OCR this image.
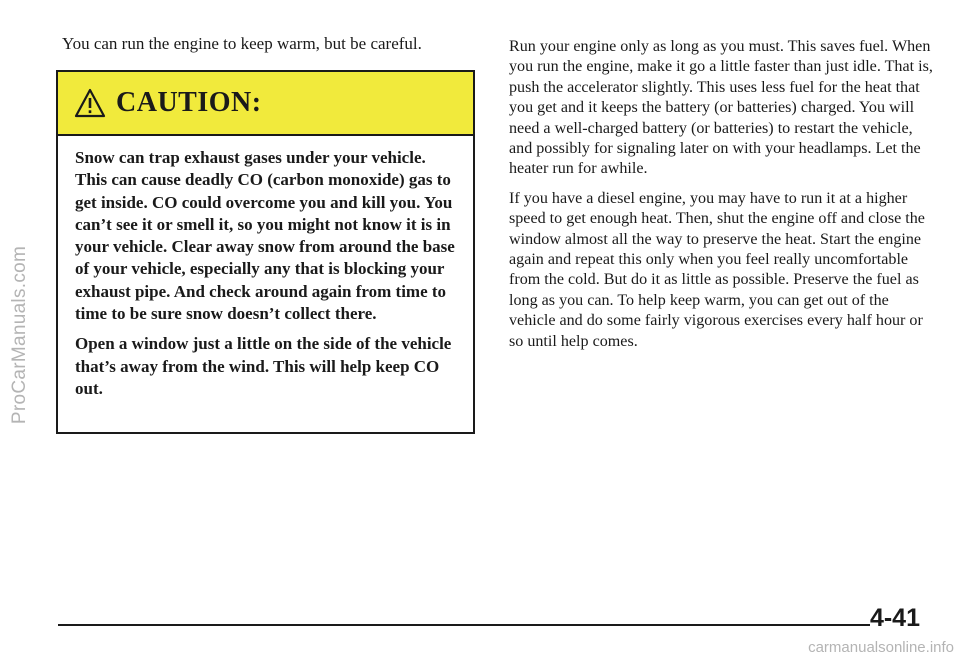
ProCarManuals.com

You can run the engine to keep warm, but be careful.

CAUTION:

Snow can trap exhaust gases under your vehicle. This can cause deadly CO (carbon monoxide) gas to get inside. CO could overcome you and kill you. You can’t see it or smell it, so you might not know it is in your vehicle. Clear away snow from around the base of your vehicle, especially any that is blocking your exhaust pipe. And check around again from time to time to be sure snow doesn’t collect there.

Open a window just a little on the side of the vehicle that’s away from the wind. This will help keep CO out.

Run your engine only as long as you must. This saves fuel. When you run the engine, make it go a little faster than just idle. That is, push the accelerator slightly. This uses less fuel for the heat that you get and it keeps the battery (or batteries) charged. You will need a well-charged battery (or batteries) to restart the vehicle, and possibly for signaling later on with your headlamps. Let the heater run for awhile.

If you have a diesel engine, you may have to run it at a higher speed to get enough heat. Then, shut the engine off and close the window almost all the way to preserve the heat. Start the engine again and repeat this only when you feel really uncomfortable from the cold. But do it as little as possible. Preserve the fuel as long as you can. To help keep warm, you can get out of the vehicle and do some fairly vigorous exercises every half hour or so until help comes.

4-41
carmanualsonline.info
